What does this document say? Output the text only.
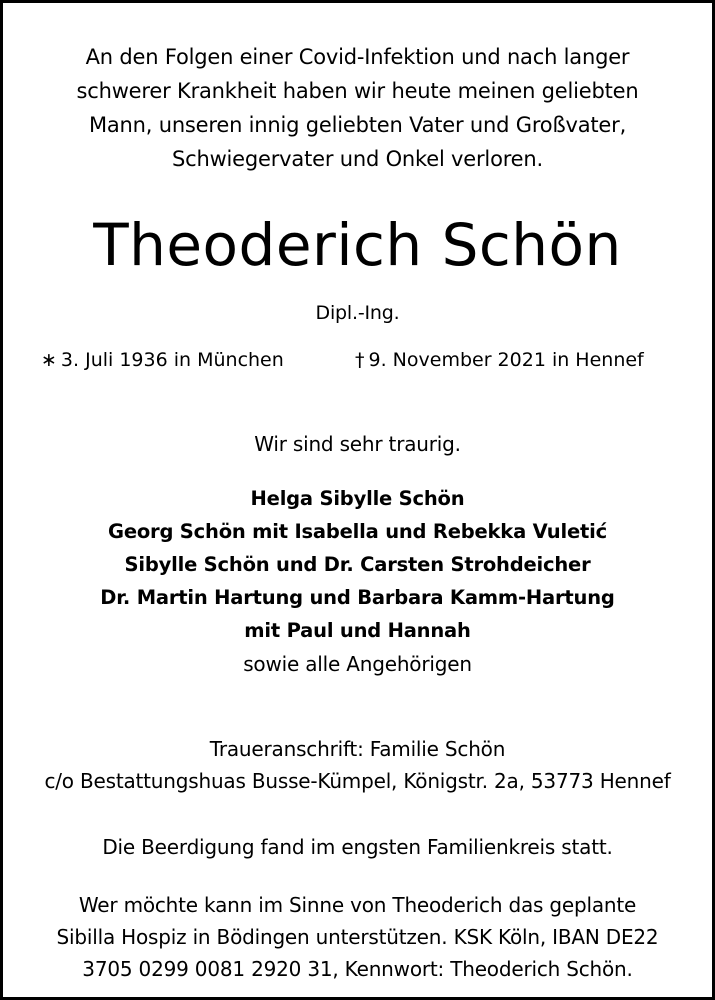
An den Folgen einer Covid-Infektion und nach langer
schwerer Krankheit haben wir heute meinen geliebten
Mann, unseren innig geliebten Vater und Großvater,
Schwiegervater und Onkel verloren.
Theoderich Schön
Dipl.-Ing.
∗ 3. Juli 1936 in München	† 9. November 2021 in Hennef
Wir sind sehr traurig.
Helga Sibylle Schön
Georg Schön mit Isabella und Rebekka Vuletić
Sibylle Schön und Dr. Carsten Strohdeicher
Dr. Martin Hartung und Barbara Kamm-Hartung
mit Paul und Hannah
sowie alle Angehörigen
Traueranschrift: Familie Schön
c/o Bestattungshuas Busse-Kümpel, Königstr. 2a, 53773 Hennef
Die Beerdigung fand im engsten Familienkreis statt.
Wer möchte kann im Sinne von Theoderich das geplante
Sibilla Hospiz in Bödingen unterstützen. KSK Köln, IBAN DE22
3705 0299 0081 2920 31, Kennwort: Theoderich Schön.
